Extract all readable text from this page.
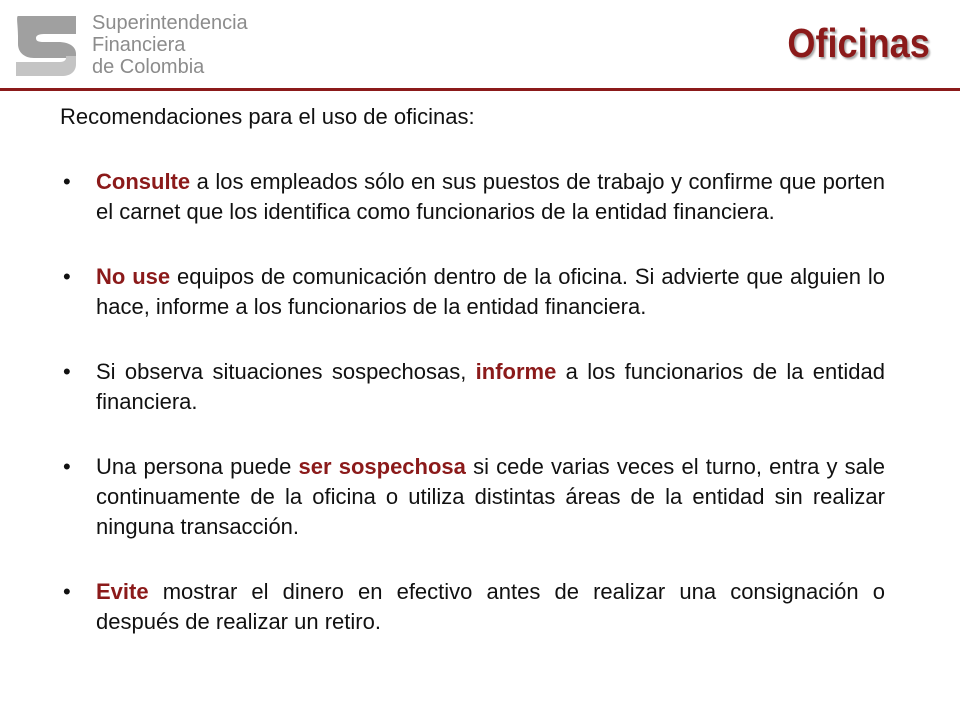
Superintendencia
Financiera
de Colombia
Oficinas

Recomendaciones para el uso de oficinas:

• Consulte a los empleados sólo en sus puestos de trabajo y confirme que porten el carnet que los identifica como funcionarios de la entidad financiera.
• No use equipos de comunicación dentro de la oficina. Si advierte que alguien lo hace, informe a los funcionarios de la entidad financiera.
• Si observa situaciones sospechosas, informe a los funcionarios de la entidad financiera.
• Una persona puede ser sospechosa si cede varias veces el turno, entra y sale continuamente de la oficina o utiliza distintas áreas de la entidad sin realizar ninguna transacción.
• Evite mostrar el dinero en efectivo antes de realizar una consignación o después de realizar un retiro.
